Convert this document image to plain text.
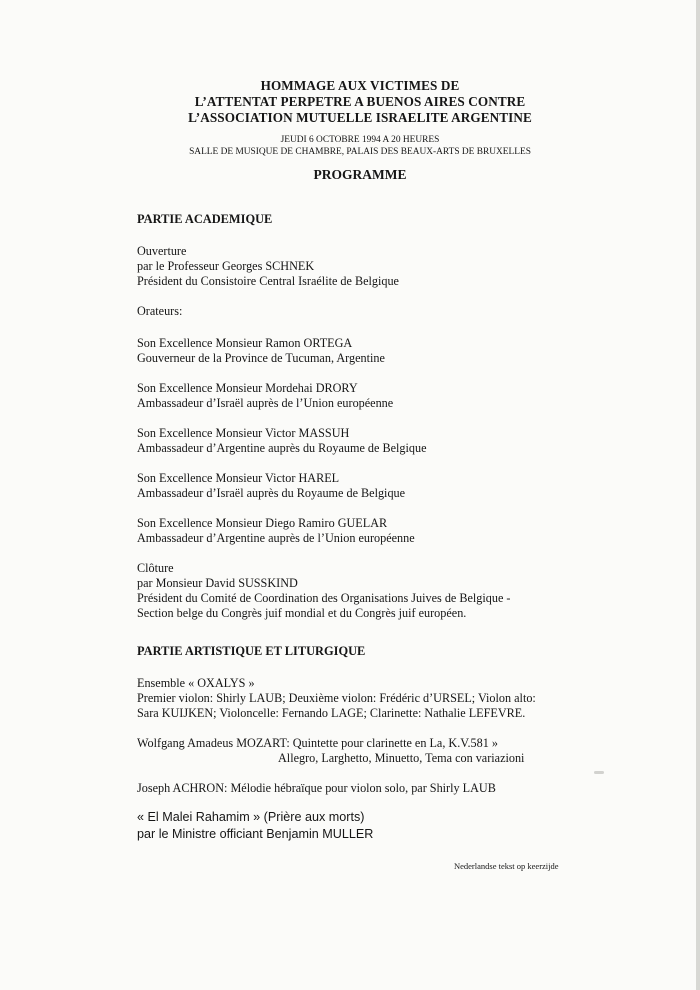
HOMMAGE AUX VICTIMES DE
L’ATTENTAT PERPETRE A BUENOS AIRES CONTRE
L’ASSOCIATION MUTUELLE ISRAELITE ARGENTINE
JEUDI 6 OCTOBRE 1994 A 20 HEURES
SALLE DE MUSIQUE DE CHAMBRE, PALAIS DES BEAUX-ARTS DE BRUXELLES
PROGRAMME
PARTIE ACADEMIQUE
Ouverture
par le Professeur Georges SCHNEK
Président du Consistoire Central Israélite de Belgique
Orateurs:
Son Excellence Monsieur Ramon ORTEGA
Gouverneur de la Province de Tucuman, Argentine
Son Excellence Monsieur Mordehai DRORY
Ambassadeur d’Israël auprès de l’Union européenne
Son Excellence Monsieur Victor MASSUH
Ambassadeur d’Argentine auprès du Royaume de Belgique
Son Excellence Monsieur Victor HAREL
Ambassadeur d’Israël auprès du Royaume de Belgique
Son Excellence Monsieur Diego Ramiro GUELAR
Ambassadeur d’Argentine auprès de l’Union européenne
Clôture
par Monsieur David SUSSKIND
Président du Comité de Coordination des Organisations Juives de Belgique -
Section belge du Congrès juif mondial et du Congrès juif européen.
PARTIE ARTISTIQUE ET LITURGIQUE
Ensemble « OXALYS »
Premier violon: Shirly LAUB; Deuxième violon: Frédéric d’URSEL; Violon alto:
Sara KUIJKEN; Violoncelle: Fernando LAGE; Clarinette: Nathalie LEFEVRE.
Wolfgang Amadeus MOZART: Quintette pour clarinette en La, K.V.581 »
Allegro, Larghetto, Minuetto, Tema con variazioni
Joseph ACHRON: Mélodie hébraïque pour violon solo, par Shirly LAUB
« El Malei Rahamim » (Prière aux morts)
par le Ministre officiant Benjamin MULLER
Nederlandse tekst op keerzijde
